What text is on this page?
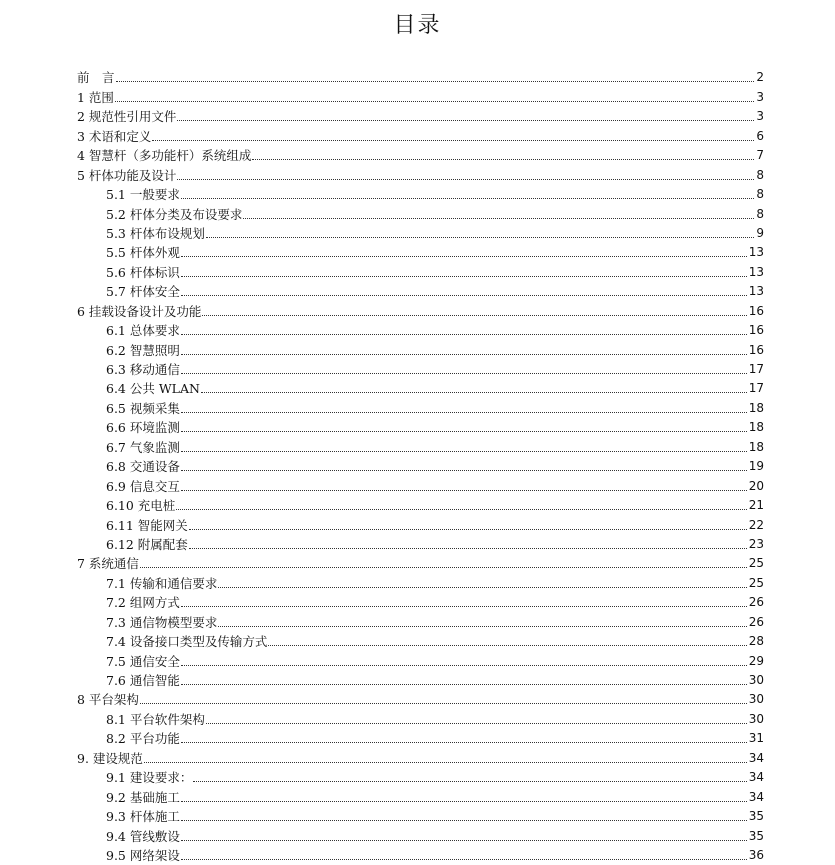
目录
前　言	2
1 范围	3
2 规范性引用文件	3
3 术语和定义	6
4 智慧杆（多功能杆）系统组成	7
5 杆体功能及设计	8
5.1 一般要求	8
5.2 杆体分类及布设要求	8
5.3 杆体布设规划	9
5.5 杆体外观	13
5.6 杆体标识	13
5.7 杆体安全	13
6 挂载设备设计及功能	16
6.1 总体要求	16
6.2 智慧照明	16
6.3 移动通信	17
6.4 公共 WLAN	17
6.5 视频采集	18
6.6 环境监测	18
6.7 气象监测	18
6.8 交通设备	19
6.9 信息交互	20
6.10 充电桩	21
6.11 智能网关	22
6.12 附属配套	23
7 系统通信	25
7.1 传输和通信要求	25
7.2 组网方式	26
7.3 通信物模型要求	26
7.4 设备接口类型及传输方式	28
7.5 通信安全	29
7.6 通信智能	30
8 平台架构	30
8.1 平台软件架构	30
8.2 平台功能	31
9. 建设规范	34
9.1 建设要求：	34
9.2 基础施工	34
9.3 杆体施工	35
9.4 管线敷设	35
9.5 网络架设	36
